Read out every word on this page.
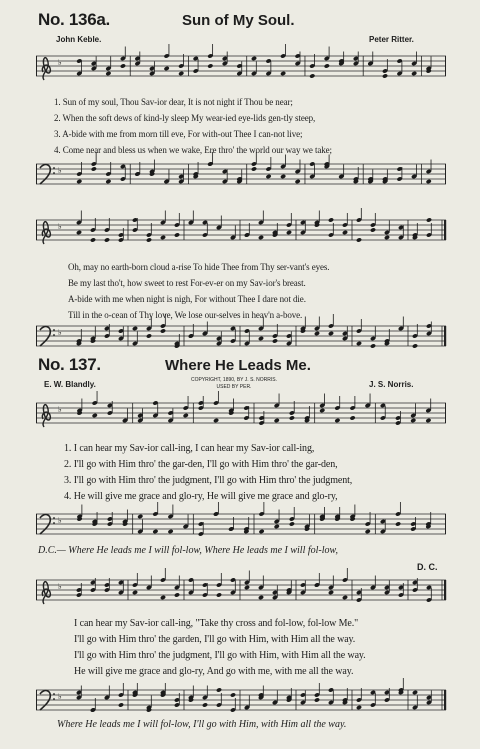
No. 136a.	Sun of My Soul.
John Keble.	Peter Ritter.
♭
1. Sun of my soul, Thou Sav-ior dear, It is not night if Thou be near;
2. When the soft dews of kind-ly sleep My wear-ied eye-lids gen-tly steep,
3. A-bide with me from morn till eve, For with-out Thee I can-not live;
4. Come near and bless us when we wake, Ere thro' the world our way we take;
♭
♭
Oh, may no earth-born cloud a-rise To hide Thee from Thy ser-vant's eyes.
Be my last tho't, how sweet to rest For-ev-er on my Sav-ior's breast.
A-bide with me when night is nigh, For without Thee I dare not die.
Till in the o-cean of Thy love, We lose our-selves in heav'n a-bove.
♭
No. 137.	Where He Leads Me.
COPYRIGHT, 1890, BY J. S. NORRIS.
USED BY PER.
E. W. Blandly.	J. S. Norris.
♭
1. I can hear my Sav-ior call-ing, I can hear my Sav-ior call-ing,
2. I'll go with Him thro' the gar-den, I'll go with Him thro' the gar-den,
3. I'll go with Him thro' the judgment, I'll go with Him thro' the judgment,
4. He will give me grace and glo-ry, He will give me grace and glo-ry,
♭
D.C.— Where He leads me I will fol-low, Where He leads me I will fol-low,
D. C.
♭
I can hear my Sav-ior call-ing, "Take thy cross and fol-low, fol-low Me."
I'll go with Him thro' the garden, I'll go with Him, with Him all the way.
I'll go with Him thro' the judgment, I'll go with Him, with Him all the way.
He will give me grace and glo-ry, And go with me, with me all the way.
♭
Where He leads me I will fol-low, I'll go with Him, with Him all the way.
